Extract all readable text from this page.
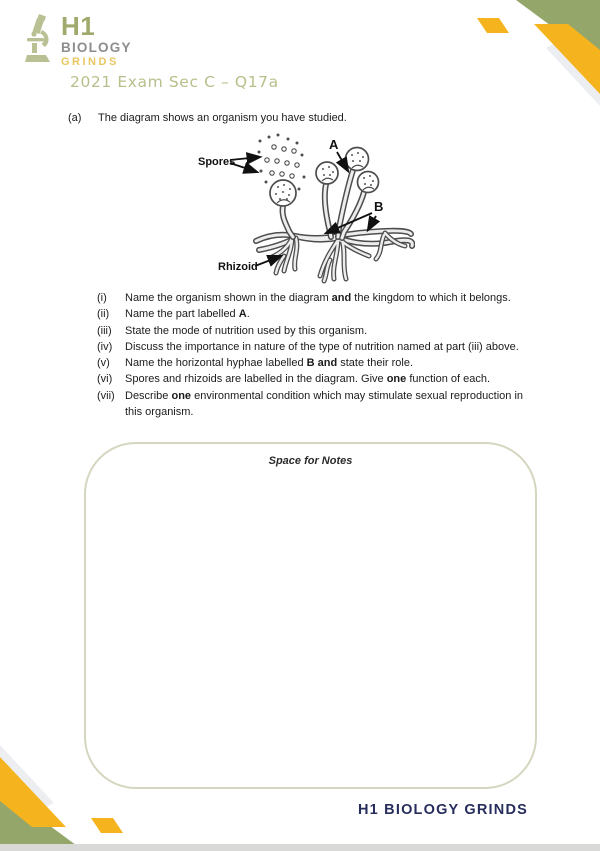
H1
BIOLOGY
GRINDS
2021 Exam Sec C – Q17a
(a)	The diagram shows an organism you have studied.
Spores
A
B
Rhizoid
(i)	Name the organism shown in the diagram and the kingdom to which it belongs.
(ii)	Name the part labelled A.
(iii)	State the mode of nutrition used by this organism.
(iv)	Discuss the importance in nature of the type of nutrition named at part (iii) above.
(v)	Name the horizontal hyphae labelled B and state their role.
(vi)	Spores and rhizoids are labelled in the diagram. Give one function of each.
(vii) Describe one environmental condition which may stimulate sexual reproduction in this organism.
Space for Notes
H1 BIOLOGY GRINDS
